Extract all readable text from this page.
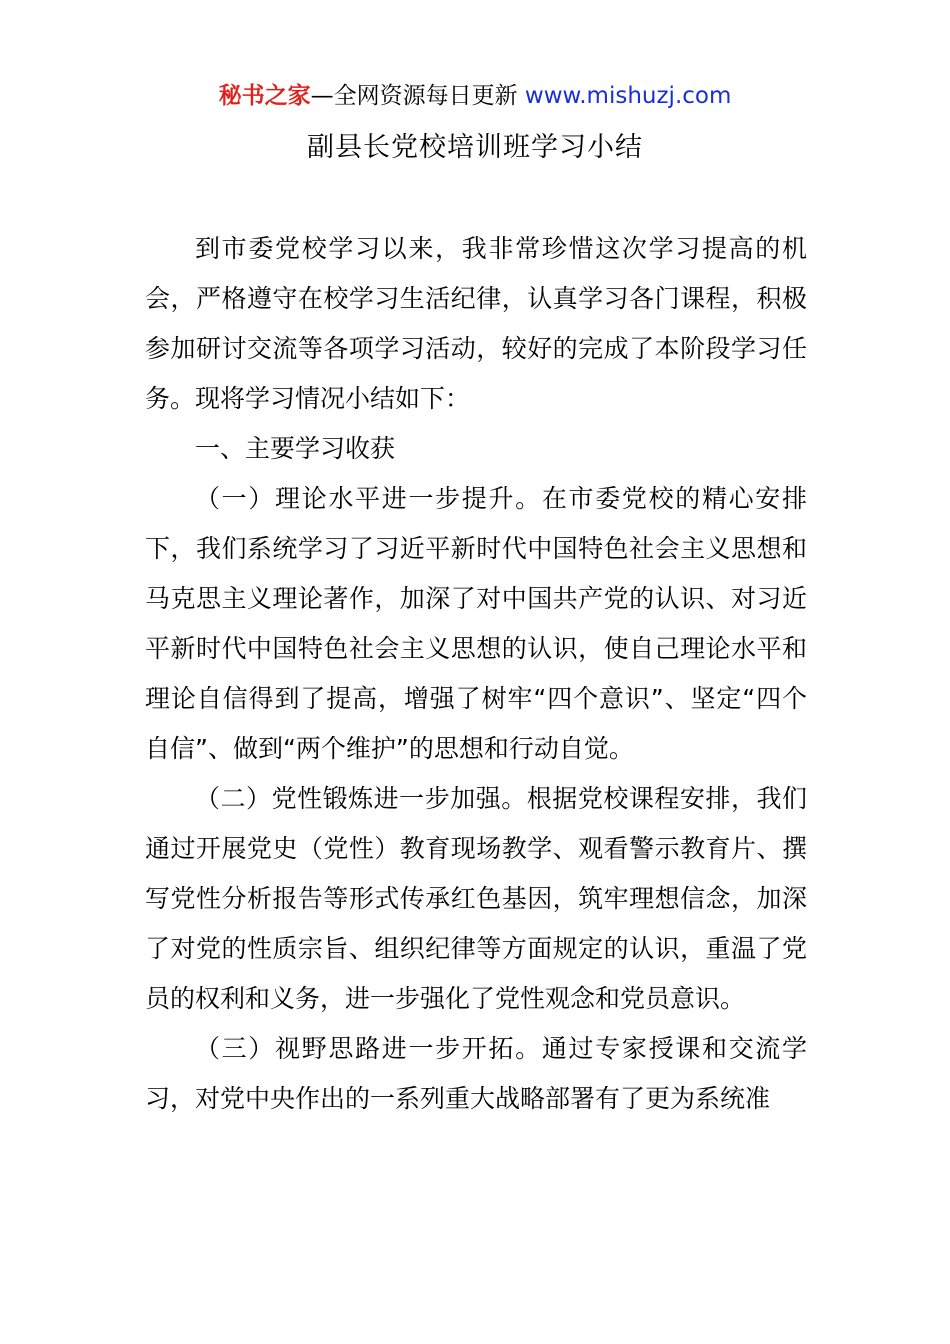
秘书之家—全网资源每日更新 www.mishuzj.com
副县长党校培训班学习小结

到市委党校学习以来，我非常珍惜这次学习提高的机会，严格遵守在校学习生活纪律，认真学习各门课程，积极参加研讨交流等各项学习活动，较好的完成了本阶段学习任务。现将学习情况小结如下：

一、主要学习收获

（一）理论水平进一步提升。在市委党校的精心安排下，我们系统学习了习近平新时代中国特色社会主义思想和马克思主义理论著作，加深了对中国共产党的认识、对习近平新时代中国特色社会主义思想的认识，使自己理论水平和理论自信得到了提高，增强了树牢“四个意识”、坚定“四个自信”、做到“两个维护”的思想和行动自觉。

（二）党性锻炼进一步加强。根据党校课程安排，我们通过开展党史（党性）教育现场教学、观看警示教育片、撰写党性分析报告等形式传承红色基因，筑牢理想信念，加深了对党的性质宗旨、组织纪律等方面规定的认识，重温了党员的权利和义务，进一步强化了党性观念和党员意识。

（三）视野思路进一步开拓。通过专家授课和交流学习，对党中央作出的一系列重大战略部署有了更为系统准
